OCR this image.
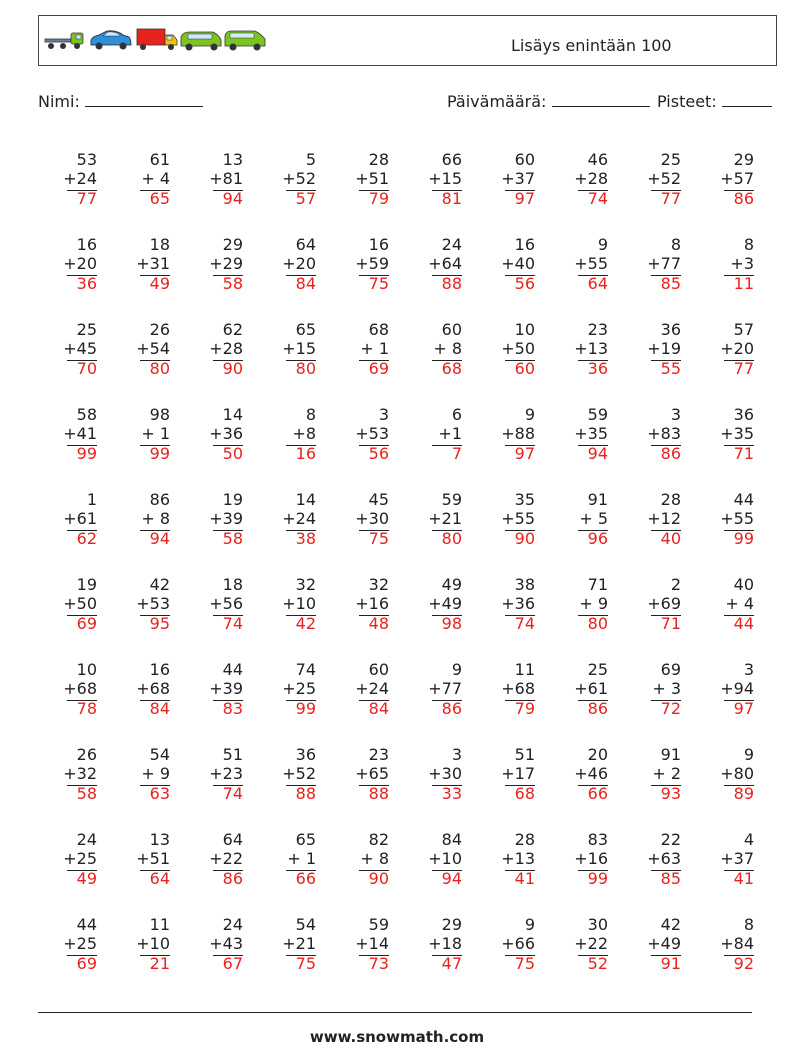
Lisäys enintään 100
Nimi:	Päivämäärä:	Pisteet:
53
+24
77
61
+ 4
65
13
+81
94
5
+52
57
28
+51
79
66
+15
81
60
+37
97
46
+28
74
25
+52
77
29
+57
86
16
+20
36
18
+31
49
29
+29
58
64
+20
84
16
+59
75
24
+64
88
16
+40
56
9
+55
64
8
+77
85
8
+3
11
25
+45
70
26
+54
80
62
+28
90
65
+15
80
68
+ 1
69
60
+ 8
68
10
+50
60
23
+13
36
36
+19
55
57
+20
77
58
+41
99
98
+ 1
99
14
+36
50
8
+8
16
3
+53
56
6
+1
7
9
+88
97
59
+35
94
3
+83
86
36
+35
71
1
+61
62
86
+ 8
94
19
+39
58
14
+24
38
45
+30
75
59
+21
80
35
+55
90
91
+ 5
96
28
+12
40
44
+55
99
19
+50
69
42
+53
95
18
+56
74
32
+10
42
32
+16
48
49
+49
98
38
+36
74
71
+ 9
80
2
+69
71
40
+ 4
44
10
+68
78
16
+68
84
44
+39
83
74
+25
99
60
+24
84
9
+77
86
11
+68
79
25
+61
86
69
+ 3
72
3
+94
97
26
+32
58
54
+ 9
63
51
+23
74
36
+52
88
23
+65
88
3
+30
33
51
+17
68
20
+46
66
91
+ 2
93
9
+80
89
24
+25
49
13
+51
64
64
+22
86
65
+ 1
66
82
+ 8
90
84
+10
94
28
+13
41
83
+16
99
22
+63
85
4
+37
41
44
+25
69
11
+10
21
24
+43
67
54
+21
75
59
+14
73
29
+18
47
9
+66
75
30
+22
52
42
+49
91
8
+84
92
www.snowmath.com
